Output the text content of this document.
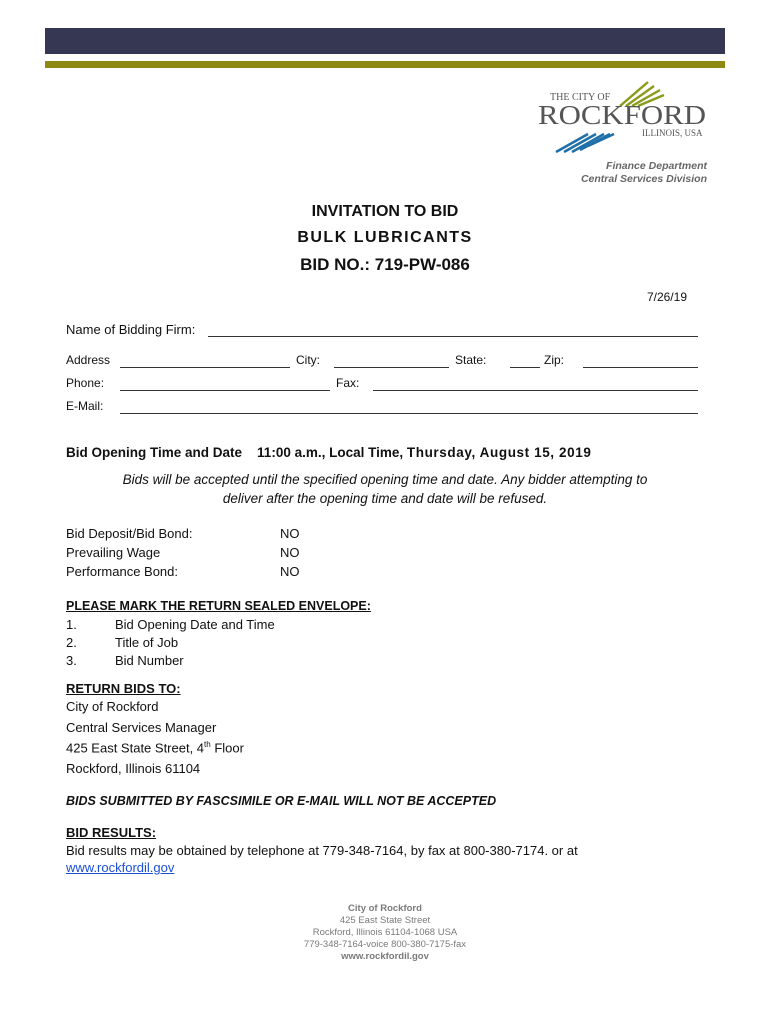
THE CITY OF
ROCKFORD
ILLINOIS, USA
Finance Department
Central Services Division
INVITATION TO BID
BULK LUBRICANTS
BID NO.: 719-PW-086
7/26/19
Name of Bidding Firm:
Address	City:	State:	Zip:
Phone:	Fax:
E-Mail:
Bid Opening Time and Date 11:00 a.m., Local Time, Thursday, August 15, 2019
Bids will be accepted until the specified opening time and date. Any bidder attempting to
deliver after the opening time and date will be refused.
Bid Deposit/Bid Bond:	NO
Prevailing Wage	NO
Performance Bond:	NO
PLEASE MARK THE RETURN SEALED ENVELOPE:
1.	Bid Opening Date and Time
2.	Title of Job
3.	Bid Number
RETURN BIDS TO:
City of Rockford
Central Services Manager
425 East State Street, 4th Floor
Rockford, Illinois 61104
BIDS SUBMITTED BY FASCSIMILE OR E-MAIL WILL NOT BE ACCEPTED
BID RESULTS:
Bid results may be obtained by telephone at 779-348-7164, by fax at 800-380-7174. or at
www.rockfordil.gov
City of Rockford
425 East State Street
Rockford, Illinois 61104-1068 USA
779-348-7164-voice 800-380-7175-fax
www.rockfordil.gov
